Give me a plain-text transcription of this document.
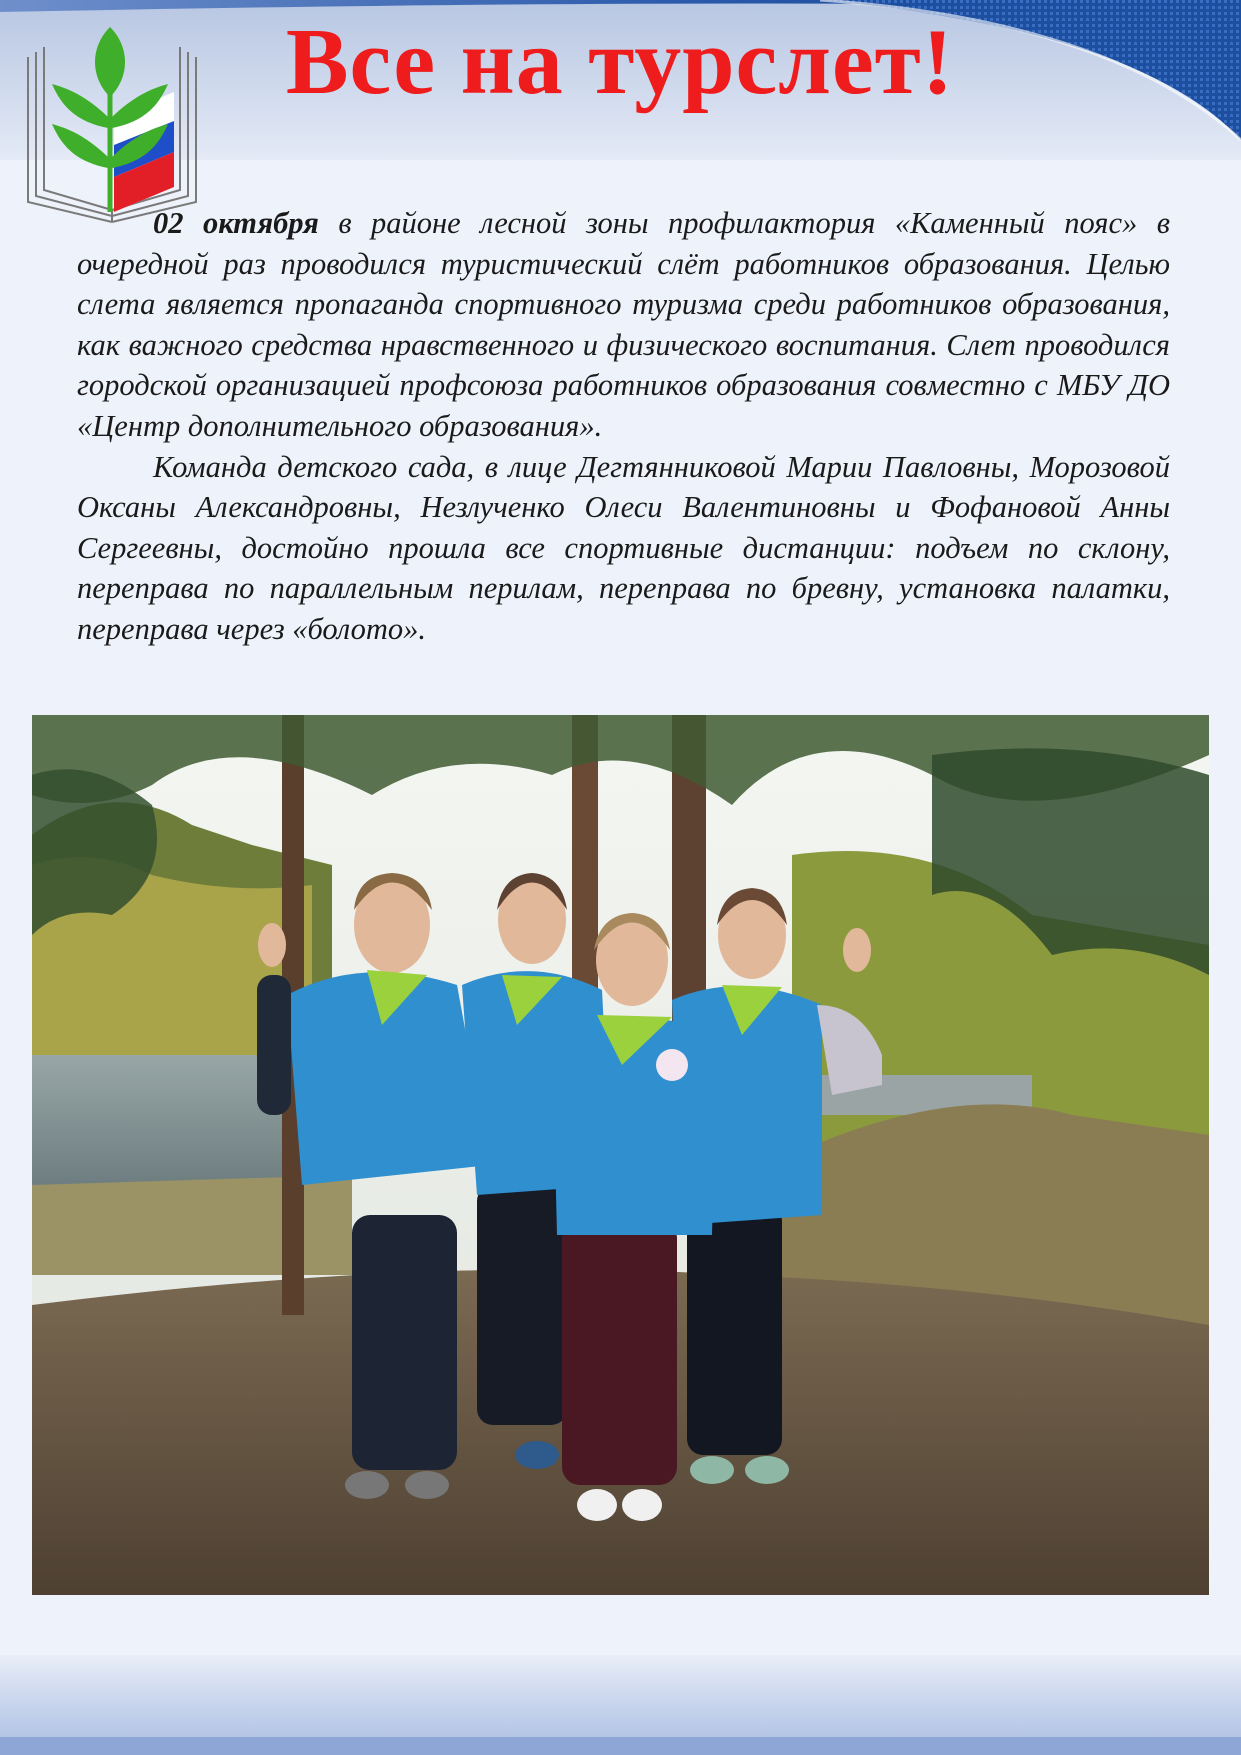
Все на турслет!

02 октября в районе лесной зоны профилактория «Каменный пояс» в очередной раз проводился туристический слёт работников образования. Целью слета является пропаганда спортивного туризма среди работников образования, как важного средства нравственного и физического воспитания. Слет проводился городской организацией профсоюза работников образования совместно с МБУ ДО «Центр дополнительного образования».

Команда детского сада, в лице Дегтянниковой Марии Павловны, Морозовой Оксаны Александровны, Незлученко Олеси Валентиновны и Фофановой Анны Сергеевны, достойно прошла все спортивные дистанции: подъем по склону, переправа по параллельным перилам, переправа по бревну, установка палатки, переправа через «болото».
